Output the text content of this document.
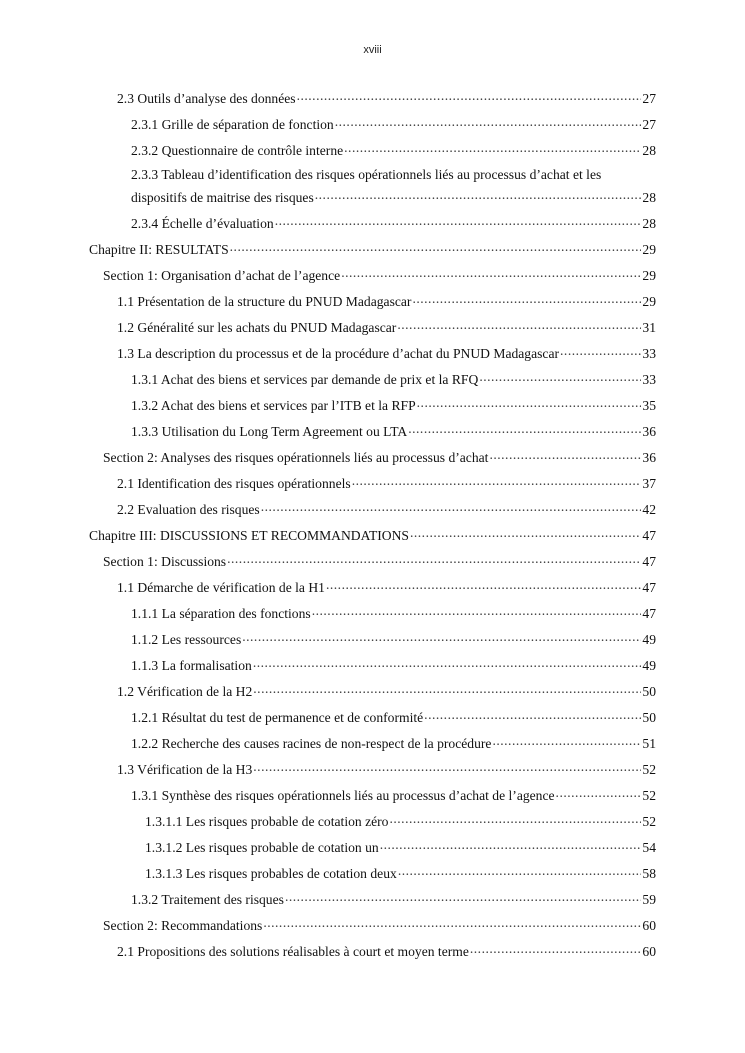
xviii
2.3 Outils d’analyse des données .....	27
2.3.1 Grille de séparation de fonction .....	27
2.3.2 Questionnaire de contrôle interne .....	28
2.3.3 Tableau d’identification des risques opérationnels liés au processus d’achat et les
dispositifs de maitrise des risques .....	28
2.3.4 Échelle d’évaluation .....	28
Chapitre II: RESULTATS .....	29
Section 1: Organisation d’achat de l’agence .....	29
1.1 Présentation de la structure du PNUD Madagascar .....	29
1.2 Généralité sur les achats du PNUD Madagascar .....	31
1.3 La description du processus et de la procédure d’achat du PNUD Madagascar .....	33
1.3.1 Achat des biens et services par demande de prix et la RFQ .....	33
1.3.2 Achat des biens et services par l’ITB et la RFP .....	35
1.3.3 Utilisation du Long Term Agreement ou LTA .....	36
Section 2: Analyses des risques opérationnels liés au processus d’achat .....	36
2.1 Identification des risques opérationnels .....	37
2.2 Evaluation des risques .....	42
Chapitre III: DISCUSSIONS ET RECOMMANDATIONS .....	47
Section 1: Discussions .....	47
1.1 Démarche de vérification de la H1 .....	47
1.1.1 La séparation des fonctions .....	47
1.1.2 Les ressources .....	49
1.1.3 La formalisation .....	49
1.2 Vérification de la H2 .....	50
1.2.1 Résultat du test de permanence et de conformité .....	50
1.2.2 Recherche des causes racines de non-respect de la procédure .....	51
1.3 Vérification de la H3 .....	52
1.3.1 Synthèse des risques opérationnels liés au processus d’achat de l’agence .....	52
1.3.1.1 Les risques probable de cotation zéro .....	52
1.3.1.2 Les risques probable de cotation un .....	54
1.3.1.3 Les risques probables de cotation deux .....	58
1.3.2 Traitement des risques .....	59
Section 2: Recommandations .....	60
2.1 Propositions des solutions réalisables à court et moyen terme .....	60
